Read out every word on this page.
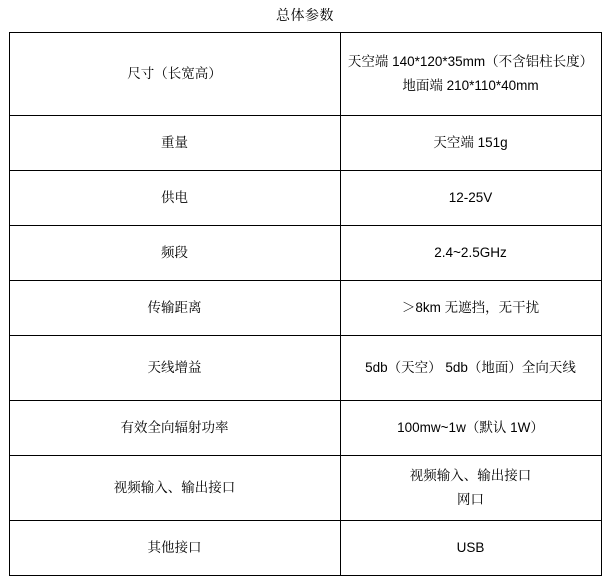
总体参数
尺寸（长宽高）	天空端 140*120*35mm（不含铝柱长度）
地面端 210*110*40mm

重量	天空端 151g

供电	12-25V

频段	2.4~2.5GHz

传输距离	＞8km 无遮挡，无干扰

天线增益	5db（天空） 5db（地面）全向天线

有效全向辐射功率	100mw~1w（默认 1W）

视频输入、输出接口	视频输入、输出接口
网口

其他接口	USB
